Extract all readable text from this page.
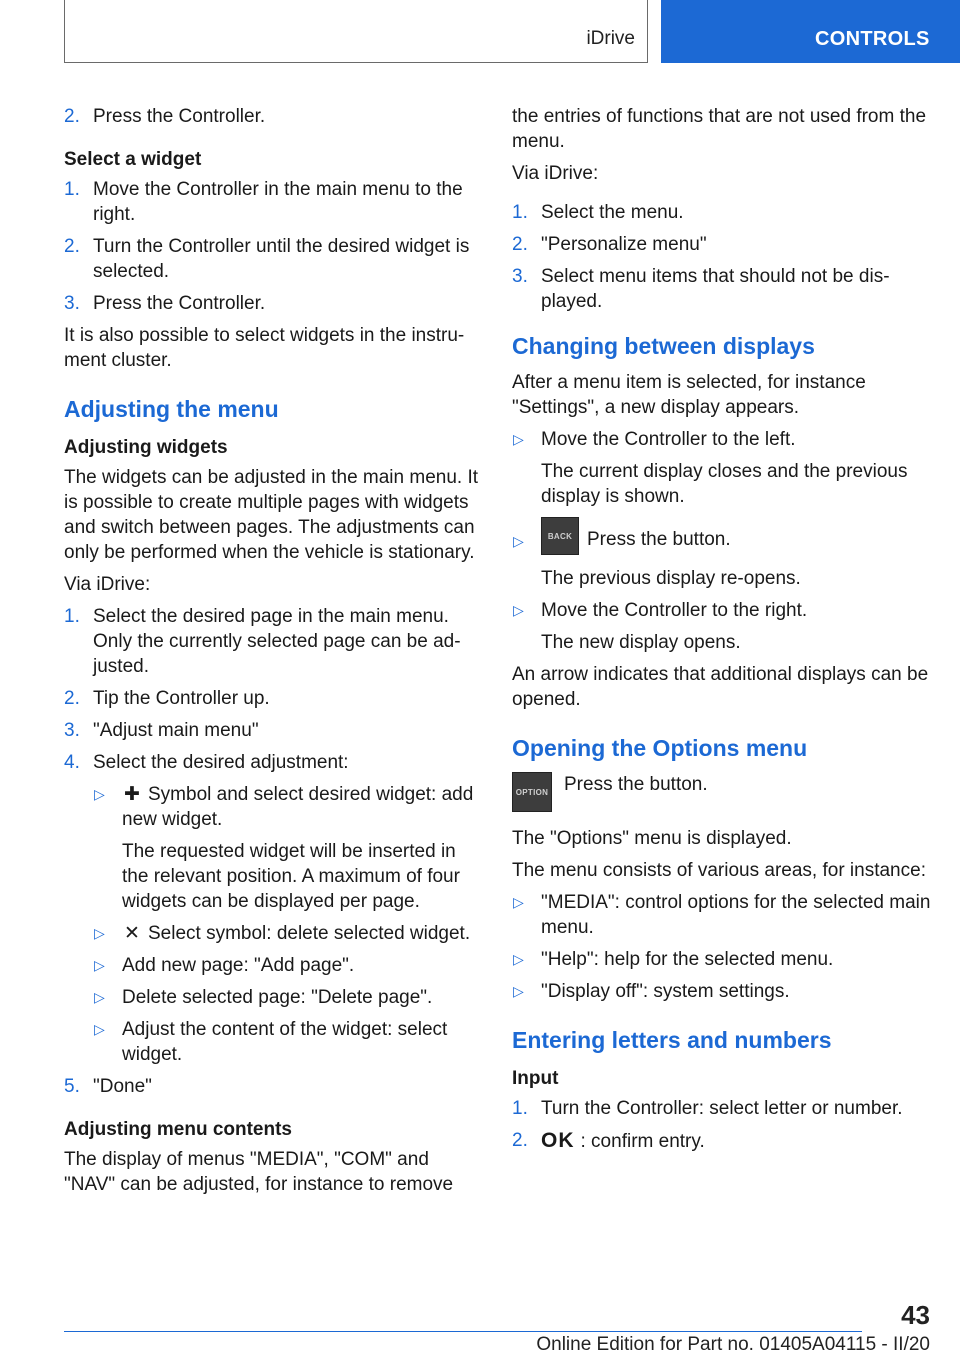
iDrive	CONTROLS
2. Press the Controller.
Select a widget
1. Move the Controller in the main menu to the right.
2. Turn the Controller until the desired widget is selected.
3. Press the Controller.

It is also possible to select widgets in the instrument cluster.

Adjusting the menu
Adjusting widgets

The widgets can be adjusted in the main menu. It is possible to create multiple pages with widgets and switch between pages. The adjustments can only be performed when the vehicle is stationary.

Via iDrive:

1. Select the desired page in the main menu. Only the currently selected page can be adjusted.
2. Tip the Controller up.
3. "Adjust main menu"
4. Select the desired adjustment:
▷ ✚ Symbol and select desired widget: add new widget.
The requested widget will be inserted in the relevant position. A maximum of four widgets can be displayed per page.
▷ ✕ Select symbol: delete selected widget.
▷ Add new page: "Add page".
▷ Delete selected page: "Delete page".
▷ Adjust the content of the widget: select widget.
5. "Done"
Adjusting menu contents

The display of menus "MEDIA", "COM" and "NAV" can be adjusted, for instance to remove

the entries of functions that are not used from the menu.

Via iDrive:

1. Select the menu.
2. "Personalize menu"
3. Select menu items that should not be displayed.
Changing between displays

After a menu item is selected, for instance "Settings", a new display appears.

▷ Move the Controller to the left.
The current display closes and the previous display is shown.
▷	BACK Press the button.
The previous display re-opens.
▷ Move the Controller to the right.
The new display opens.

An arrow indicates that additional displays can be opened.

Opening the Options menu
OPTION Press the button.

The "Options" menu is displayed.

The menu consists of various areas, for instance:

▷ "MEDIA": control options for the selected main menu.
▷ "Help": help for the selected menu.
▷ "Display off": system settings.
Entering letters and numbers
Input
1. Turn the Controller: select letter or number.
2. OK : confirm entry.
43
Online Edition for Part no. 01405A04115 - II/20
